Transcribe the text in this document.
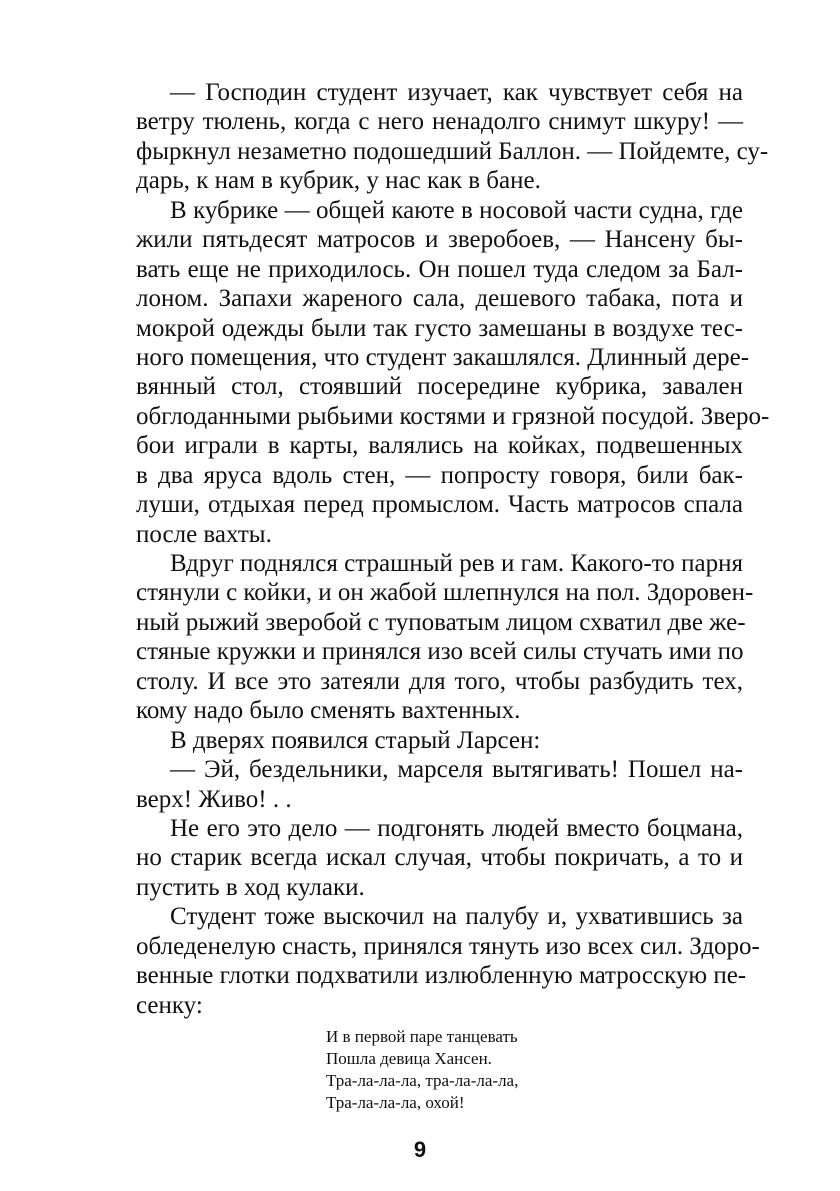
— Господин студент изучает, как чувствует себя на
ветру тюлень, когда с него ненадолго снимут шкуру! —
фыркнул незаметно подошедший Баллон. — Пойдемте, су-
дарь, к нам в кубрик, у нас как в бане.
В кубрике — общей каюте в носовой части судна, где
жили пятьдесят матросов и зверобоев, — Нансену бы-
вать еще не приходилось. Он пошел туда следом за Бал-
лоном. Запахи жареного сала, дешевого табака, пота и
мокрой одежды были так густо замешаны в воздухе тес-
ного помещения, что студент закашлялся. Длинный дере-
вянный стол, стоявший посередине кубрика, завален
обглоданными рыбьими костями и грязной посудой. Зверо-
бои играли в карты, валялись на койках, подвешенных
в два яруса вдоль стен, — попросту говоря, били бак-
луши, отдыхая перед промыслом. Часть матросов спала
после вахты.
Вдруг поднялся страшный рев и гам. Какого-то парня
стянули с койки, и он жабой шлепнулся на пол. Здоровен-
ный рыжий зверобой с туповатым лицом схватил две же-
стяные кружки и принялся изо всей силы стучать ими по
столу. И все это затеяли для того, чтобы разбудить тех,
кому надо было сменять вахтенных.
В дверях появился старый Ларсен:
— Эй, бездельники, марселя вытягивать! Пошел на-
верх! Живо! . .
Не его это дело — подгонять людей вместо боцмана,
но старик всегда искал случая, чтобы покричать, а то и
пустить в ход кулаки.
Студент тоже выскочил на палубу и, ухватившись за
обледенелую снасть, принялся тянуть изо всех сил. Здоро-
венные глотки подхватили излюбленную матросскую пе-
сенку:
И в первой паре танцевать
Пошла девица Хансен.
Тра-ла-ла-ла, тра-ла-ла-ла,
Тра-ла-ла-ла, охой!
9
